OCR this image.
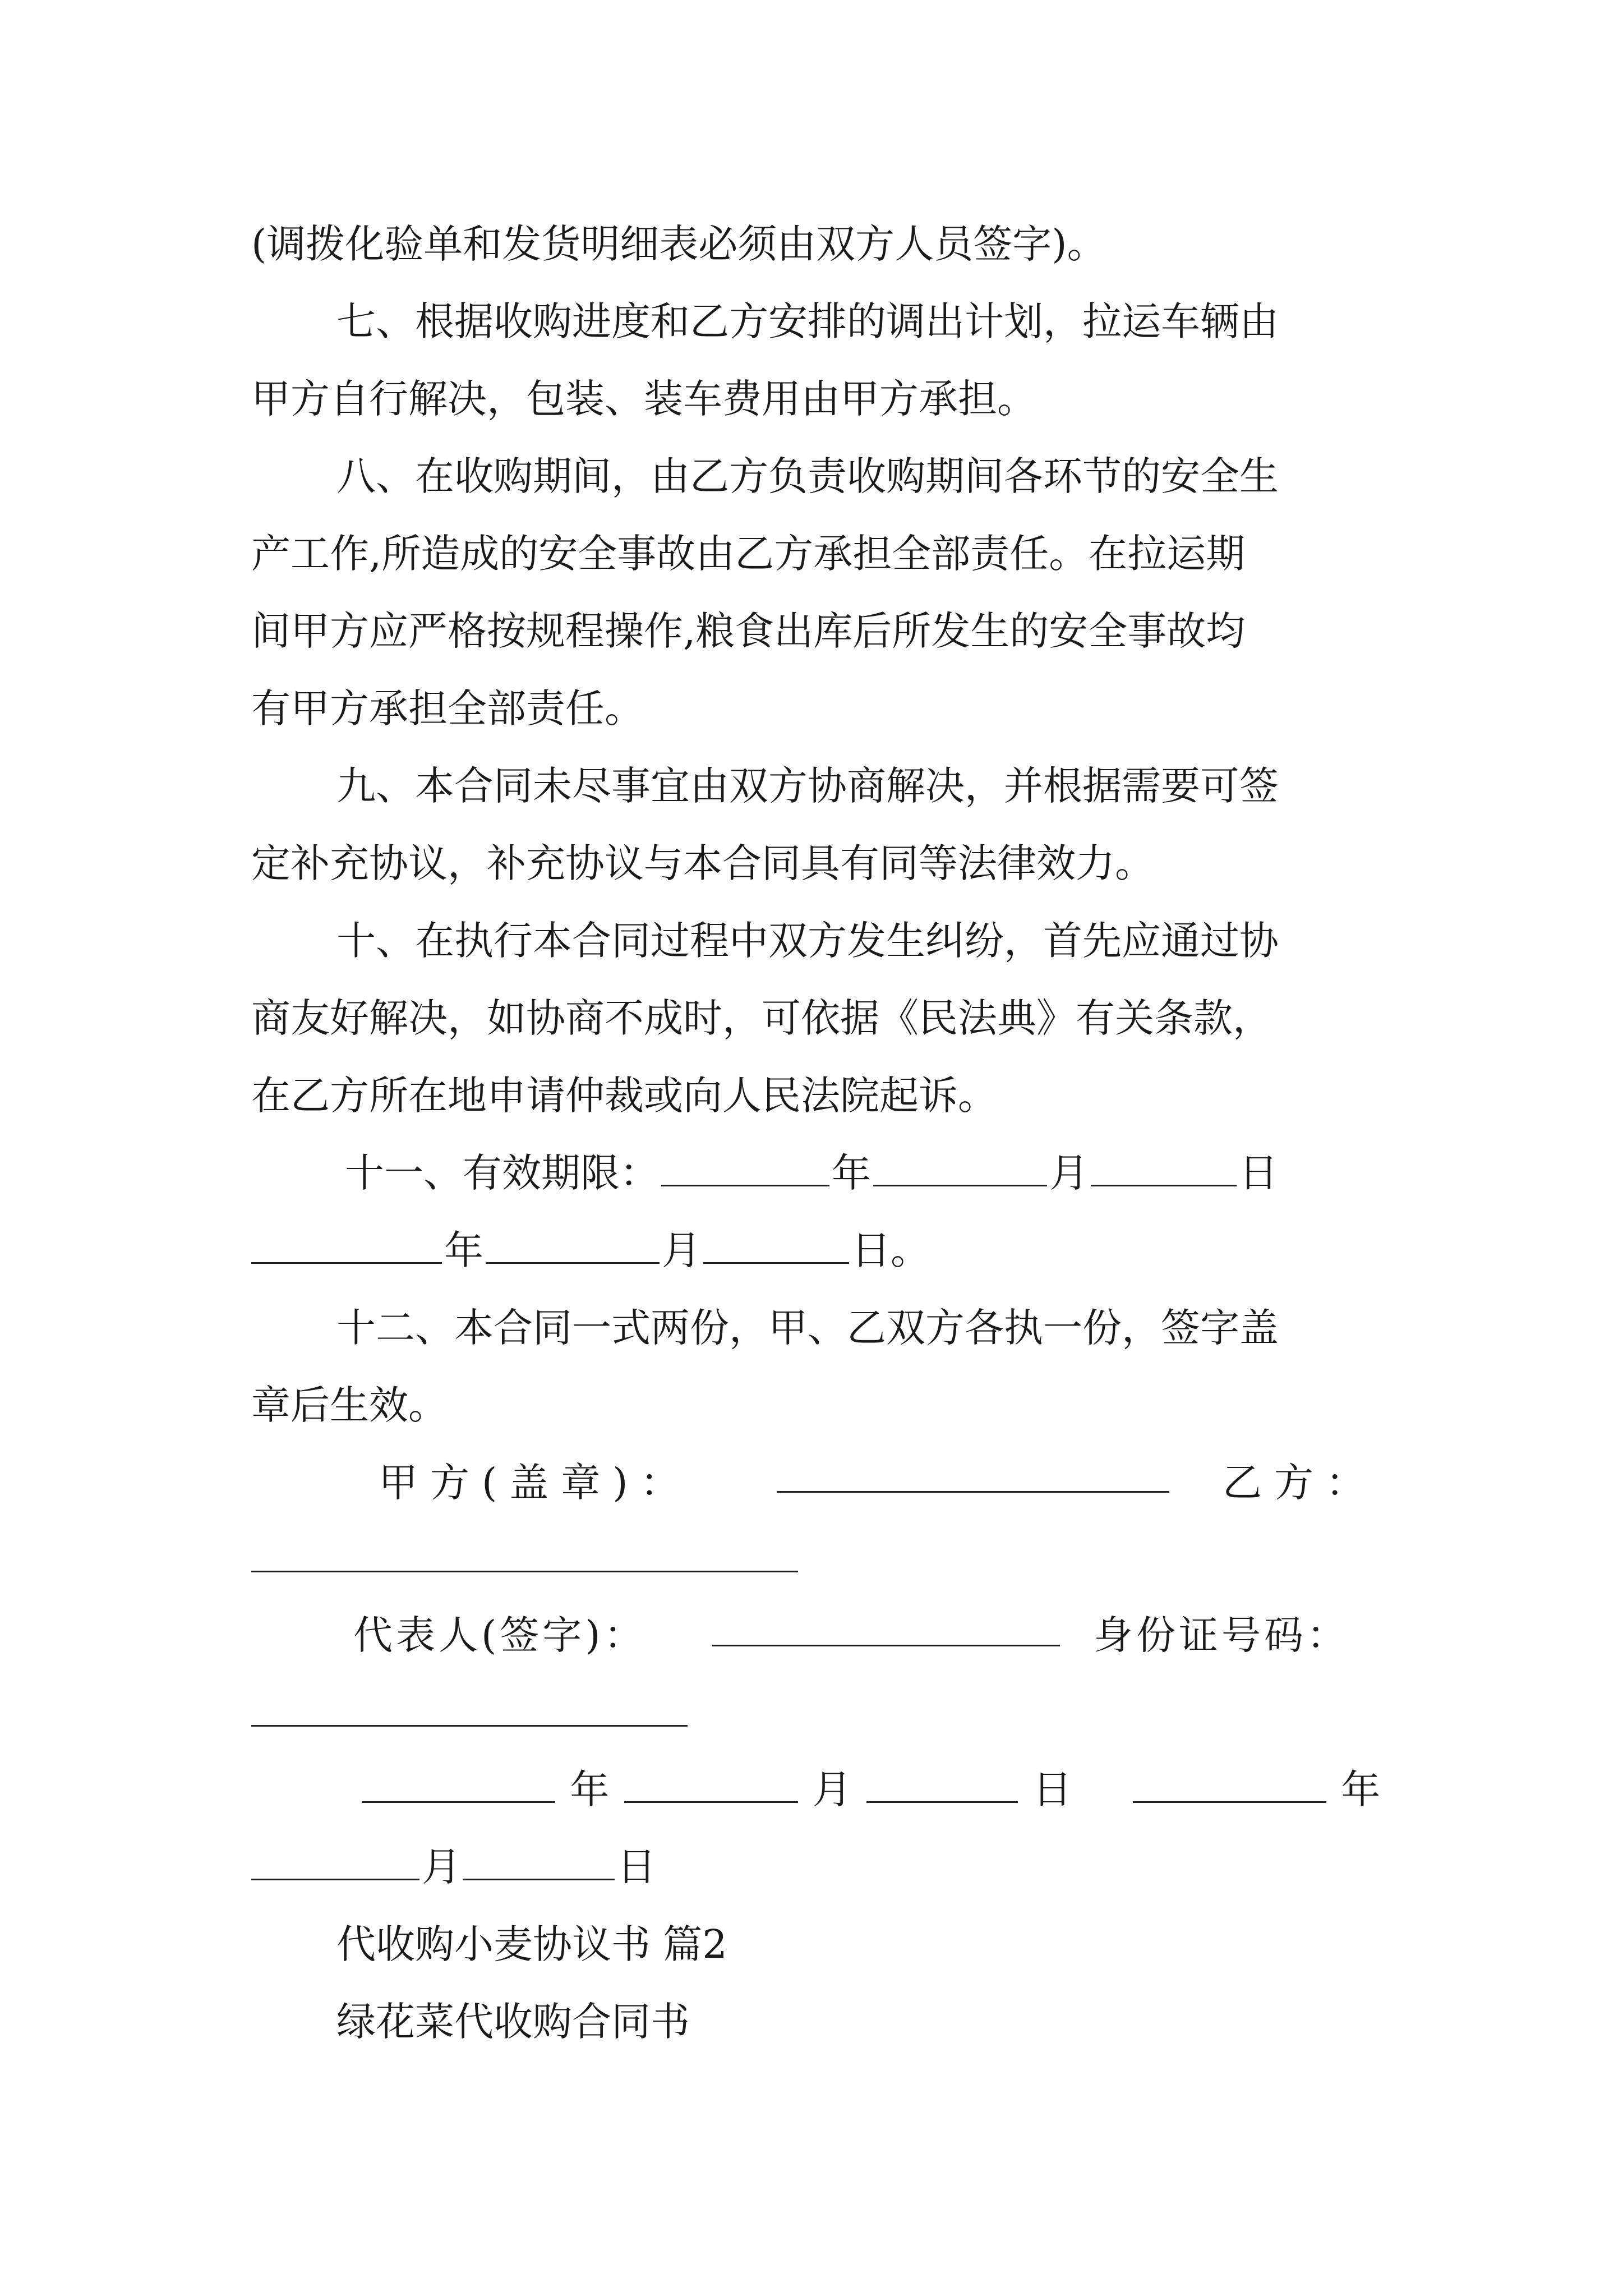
(调拨化验单和发货明细表必须由双方人员签字)。
七、根据收购进度和乙方安排的调出计划，拉运车辆由
甲方自行解决，包装、装车费用由甲方承担。
八、在收购期间，由乙方负责收购期间各环节的安全生
产工作,所造成的安全事故由乙方承担全部责任。在拉运期
间甲方应严格按规程操作,粮食出库后所发生的安全事故均
有甲方承担全部责任。
九、本合同未尽事宜由双方协商解决，并根据需要可签
定补充协议，补充协议与本合同具有同等法律效力。
十、在执行本合同过程中双方发生纠纷，首先应通过协
商友好解决，如协商不成时，可依据《民法典》有关条款，
在乙方所在地申请仲裁或向人民法院起诉。
十一、有效期限：	年	月	日
年	月	日。
十二、本合同一式两份，甲、乙双方各执一份，签字盖
章后生效。
甲方(盖章)：	乙方：
代表人(签字)：	身份证号码：
年	月	日	年
月	日
代收购小麦协议书 篇2
绿花菜代收购合同书
